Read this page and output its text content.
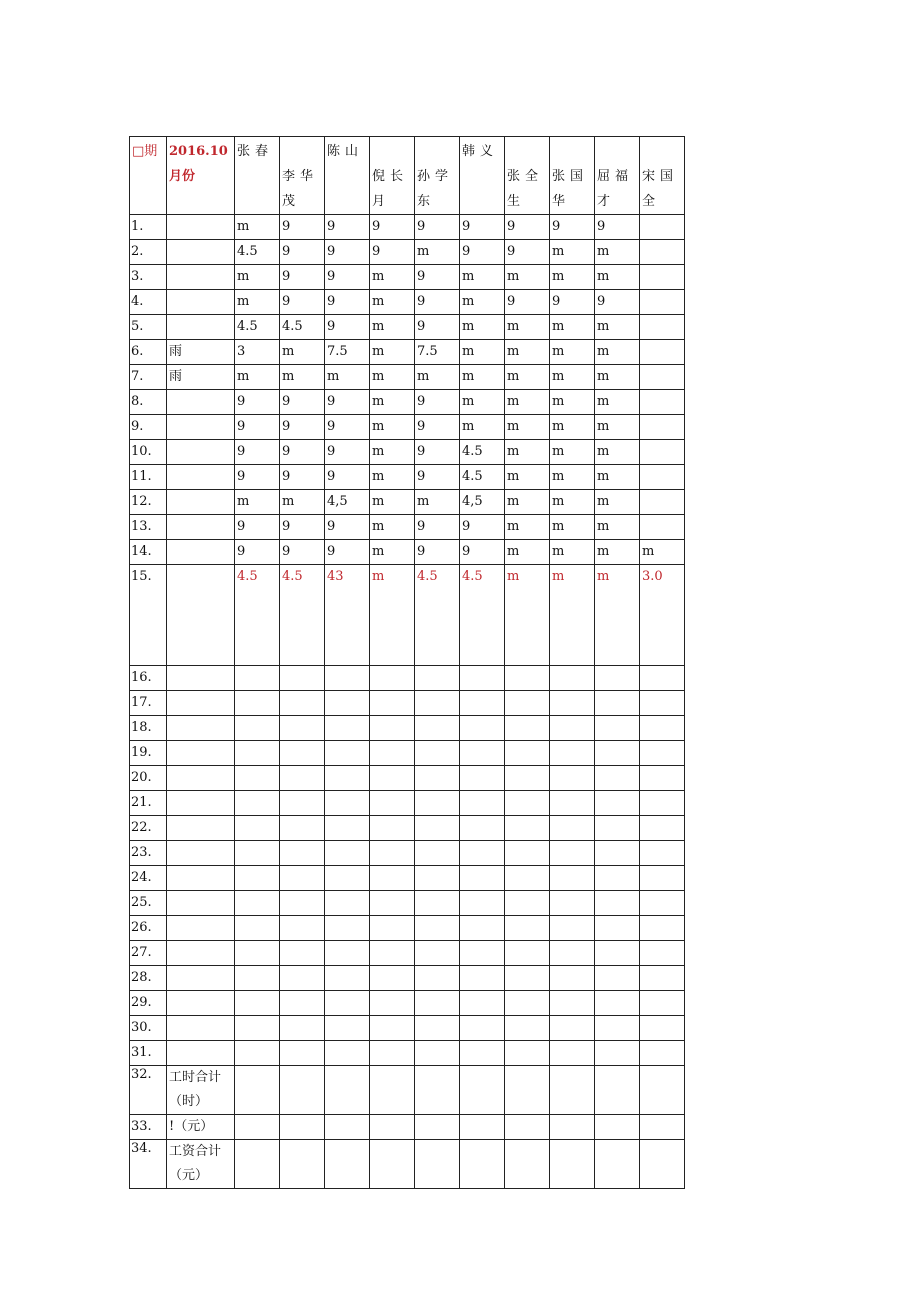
□期	2016.10月份	张春	李华茂	陈山	倪长月	孙学东	韩义	张全生	张国华	屈福才	宋国全
1.		m	9	9	9	9	9	9	9	9	
2.		4.5	9	9	9	m	9	9	m	m	
3.		m	9	9	m	9	m	m	m	m	
4.		m	9	9	m	9	m	9	9	9	
5.		4.5	4.5	9	m	9	m	m	m	m	
6.	雨	3	m	7.5	m	7.5	m	m	m	m	
7.	雨	m	m	m	m	m	m	m	m	m	
8.		9	9	9	m	9	m	m	m	m	
9.		9	9	9	m	9	m	m	m	m	
10.		9	9	9	m	9	4.5	m	m	m	
11.		9	9	9	m	9	4.5	m	m	m	
12.		m	m	4,5	m	m	4,5	m	m	m	
13.		9	9	9	m	9	9	m	m	m	
14.		9	9	9	m	9	9	m	m	m	m
15.		4.5	4.5	43	m	4.5	4.5	m	m	m	3.0
16.											
17.											
18.											
19.											
20.											
21.											
22.											
23.											
24.											
25.											
26.											
27.											
28.											
29.											
30.											
31.											
32.	工时合计（时）										
33.	!（元）										
34.	工资合计（元）										
